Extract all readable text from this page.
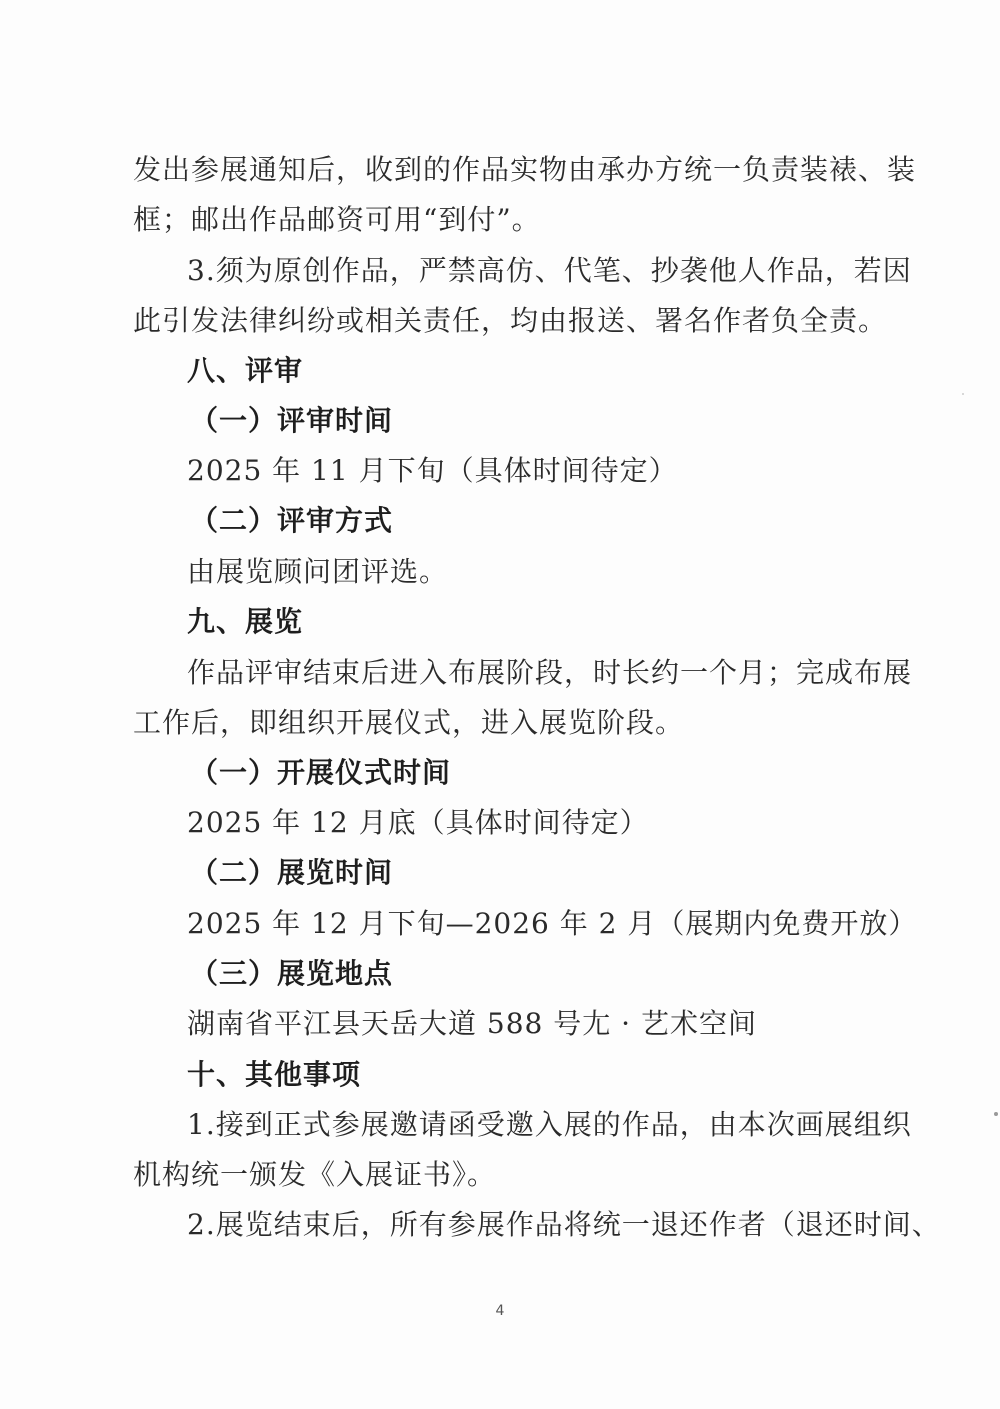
发出参展通知后，收到的作品实物由承办方统一负责装裱、装
框；邮出作品邮资可用“到付”。
3.须为原创作品，严禁高仿、代笔、抄袭他人作品，若因
此引发法律纠纷或相关责任，均由报送、署名作者负全责。
八、评审
（一）评审时间
2025 年 11 月下旬（具体时间待定）
（二）评审方式
由展览顾问团评选。
九、展览
作品评审结束后进入布展阶段，时长约一个月；完成布展
工作后，即组织开展仪式，进入展览阶段。
（一）开展仪式时间
2025 年 12 月底（具体时间待定）
（二）展览时间
2025 年 12 月下旬—2026 年 2 月（展期内免费开放）
（三）展览地点
湖南省平江县天岳大道 588 号尢 · 艺术空间
十、其他事项
1.接到正式参展邀请函受邀入展的作品，由本次画展组织
机构统一颁发《入展证书》。
2.展览结束后，所有参展作品将统一退还作者（退还时间、
4
